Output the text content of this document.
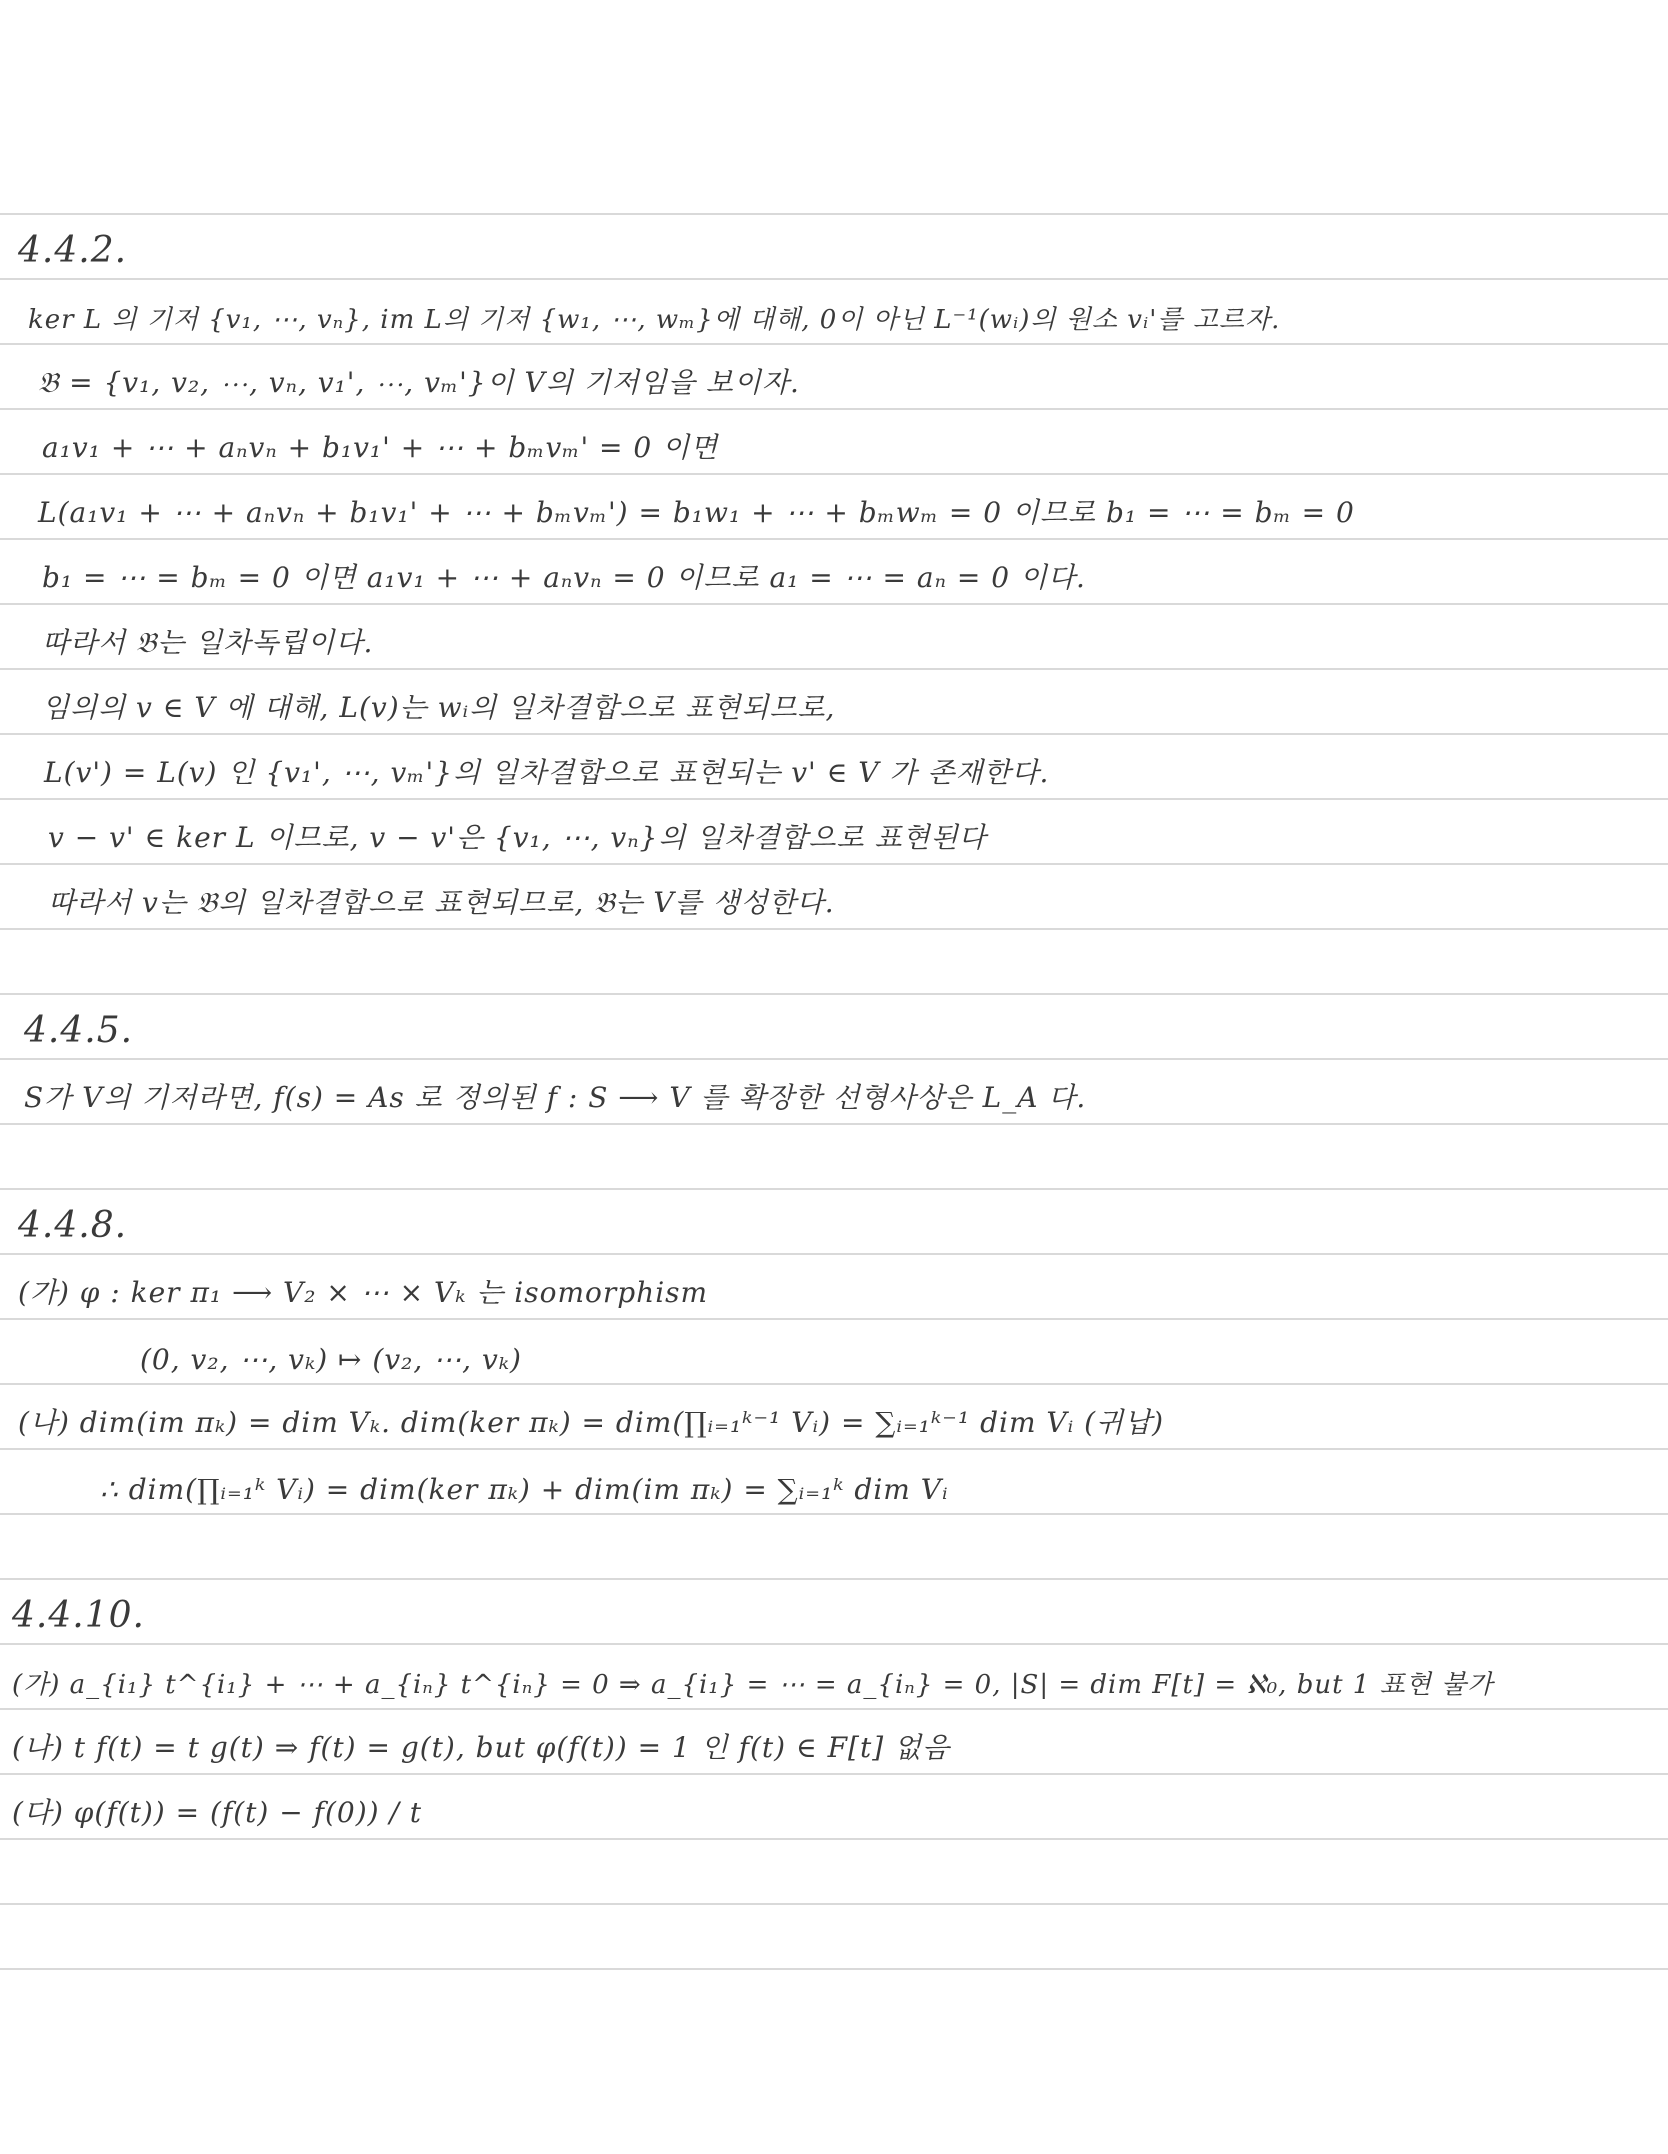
4.4.2.
ker L 의 기저 {v₁, ⋯, vₙ}, im L의 기저 {w₁, ⋯, wₘ}에 대해, 0이 아닌 L⁻¹(wᵢ)의 원소 vᵢ'를 고르자.
𝔅 = {v₁, v₂, ⋯, vₙ, v₁', ⋯, vₘ'}이 V의 기저임을 보이자.
a₁v₁ + ⋯ + aₙvₙ + b₁v₁' + ⋯ + bₘvₘ' = 0 이면
L(a₁v₁ + ⋯ + aₙvₙ + b₁v₁' + ⋯ + bₘvₘ') = b₁w₁ + ⋯ + bₘwₘ = 0 이므로 b₁ = ⋯ = bₘ = 0
b₁ = ⋯ = bₘ = 0 이면 a₁v₁ + ⋯ + aₙvₙ = 0 이므로 a₁ = ⋯ = aₙ = 0 이다.
따라서 𝔅는 일차독립이다.
임의의 v ∈ V 에 대해, L(v)는 wᵢ의 일차결합으로 표현되므로,
L(v') = L(v) 인 {v₁', ⋯, vₘ'}의 일차결합으로 표현되는 v' ∈ V 가 존재한다.
v − v' ∈ ker L 이므로, v − v'은 {v₁, ⋯, vₙ}의 일차결합으로 표현된다
따라서 v는 𝔅의 일차결합으로 표현되므로, 𝔅는 V를 생성한다.
4.4.5.
S가 V의 기저라면, f(s) = As 로 정의된 f : S ⟶ V 를 확장한 선형사상은 L_A 다.
4.4.8.
(가) φ : ker π₁ ⟶ V₂ × ⋯ × Vₖ 는 isomorphism
(0, v₂, ⋯, vₖ) ↦ (v₂, ⋯, vₖ)
(나) dim(im πₖ) = dim Vₖ. dim(ker πₖ) = dim(∏ᵢ₌₁ᵏ⁻¹ Vᵢ) = ∑ᵢ₌₁ᵏ⁻¹ dim Vᵢ (귀납)
∴ dim(∏ᵢ₌₁ᵏ Vᵢ) = dim(ker πₖ) + dim(im πₖ) = ∑ᵢ₌₁ᵏ dim Vᵢ
4.4.10.
(가) a_{i₁} t^{i₁} + ⋯ + a_{iₙ} t^{iₙ} = 0 ⇒ a_{i₁} = ⋯ = a_{iₙ} = 0, |S| = dim F[t] = ℵ₀, but 1 표현 불가
(나) t f(t) = t g(t) ⇒ f(t) = g(t), but φ(f(t)) = 1 인 f(t) ∈ F[t] 없음
(다) φ(f(t)) = (f(t) − f(0)) / t
